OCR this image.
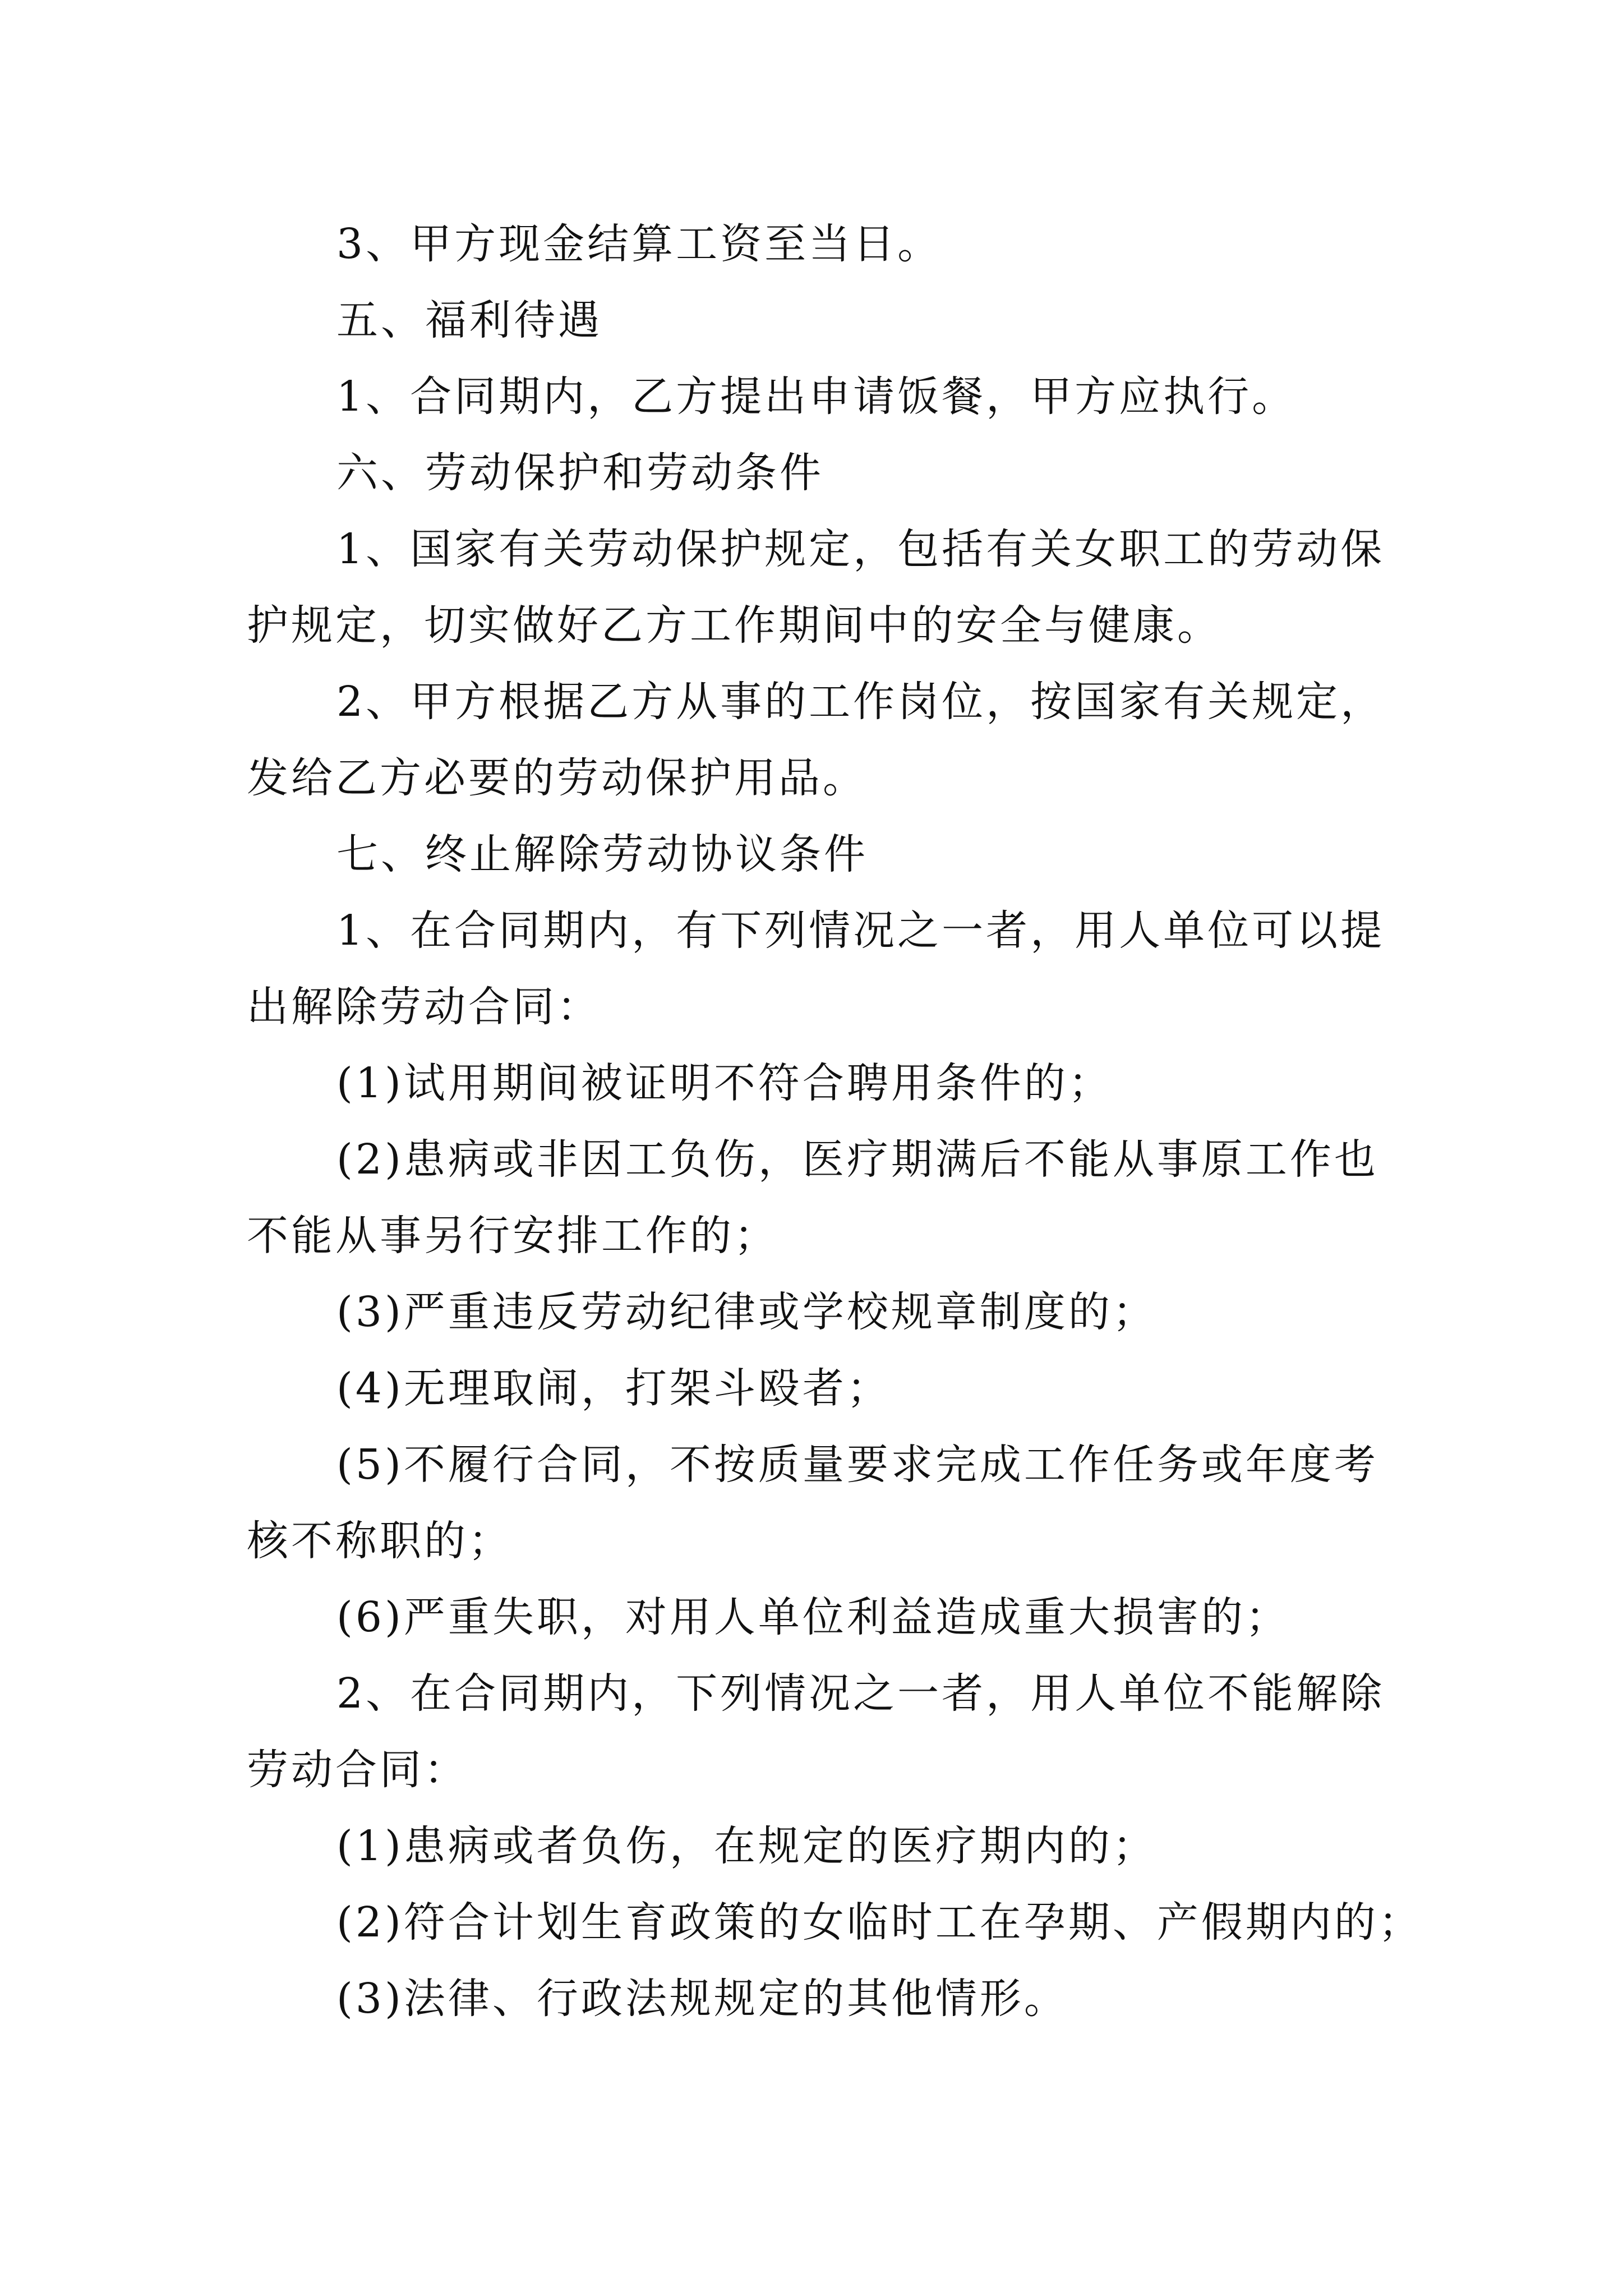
3、甲方现金结算工资至当日。
五、福利待遇
1、合同期内，乙方提出申请饭餐，甲方应执行。
六、劳动保护和劳动条件
1、国家有关劳动保护规定，包括有关女职工的劳动保
护规定，切实做好乙方工作期间中的安全与健康。
2、甲方根据乙方从事的工作岗位，按国家有关规定，
发给乙方必要的劳动保护用品。
七、终止解除劳动协议条件
1、在合同期内，有下列情况之一者，用人单位可以提
出解除劳动合同：
(1)试用期间被证明不符合聘用条件的；
(2)患病或非因工负伤，医疗期满后不能从事原工作也
不能从事另行安排工作的；
(3)严重违反劳动纪律或学校规章制度的；
(4)无理取闹，打架斗殴者；
(5)不履行合同，不按质量要求完成工作任务或年度考
核不称职的；
(6)严重失职，对用人单位利益造成重大损害的；
2、在合同期内，下列情况之一者，用人单位不能解除
劳动合同：
(1)患病或者负伤，在规定的医疗期内的；
(2)符合计划生育政策的女临时工在孕期、产假期内的；
(3)法律、行政法规规定的其他情形。
